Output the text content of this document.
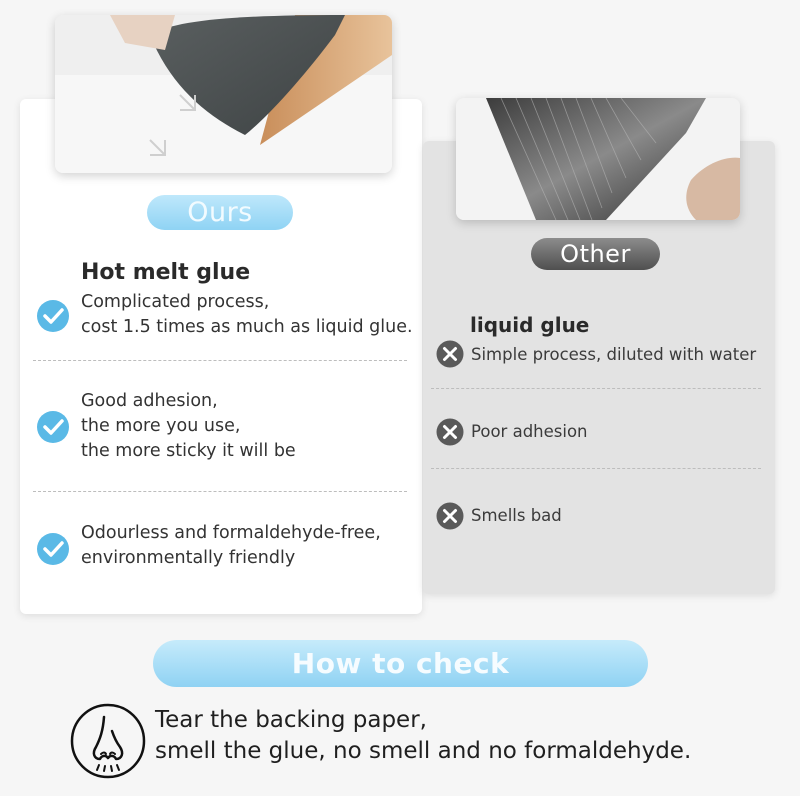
Ours
Hot melt glue
Complicated process,
cost 1.5 times as much as liquid glue.
Good adhesion,
the more you use,
the more sticky it will be
Odourless and formaldehyde-free,
environmentally friendly
Other
liquid glue
Simple process, diluted with water
Poor adhesion
Smells bad
How to check
Tear the backing paper,
smell the glue, no smell and no formaldehyde.
